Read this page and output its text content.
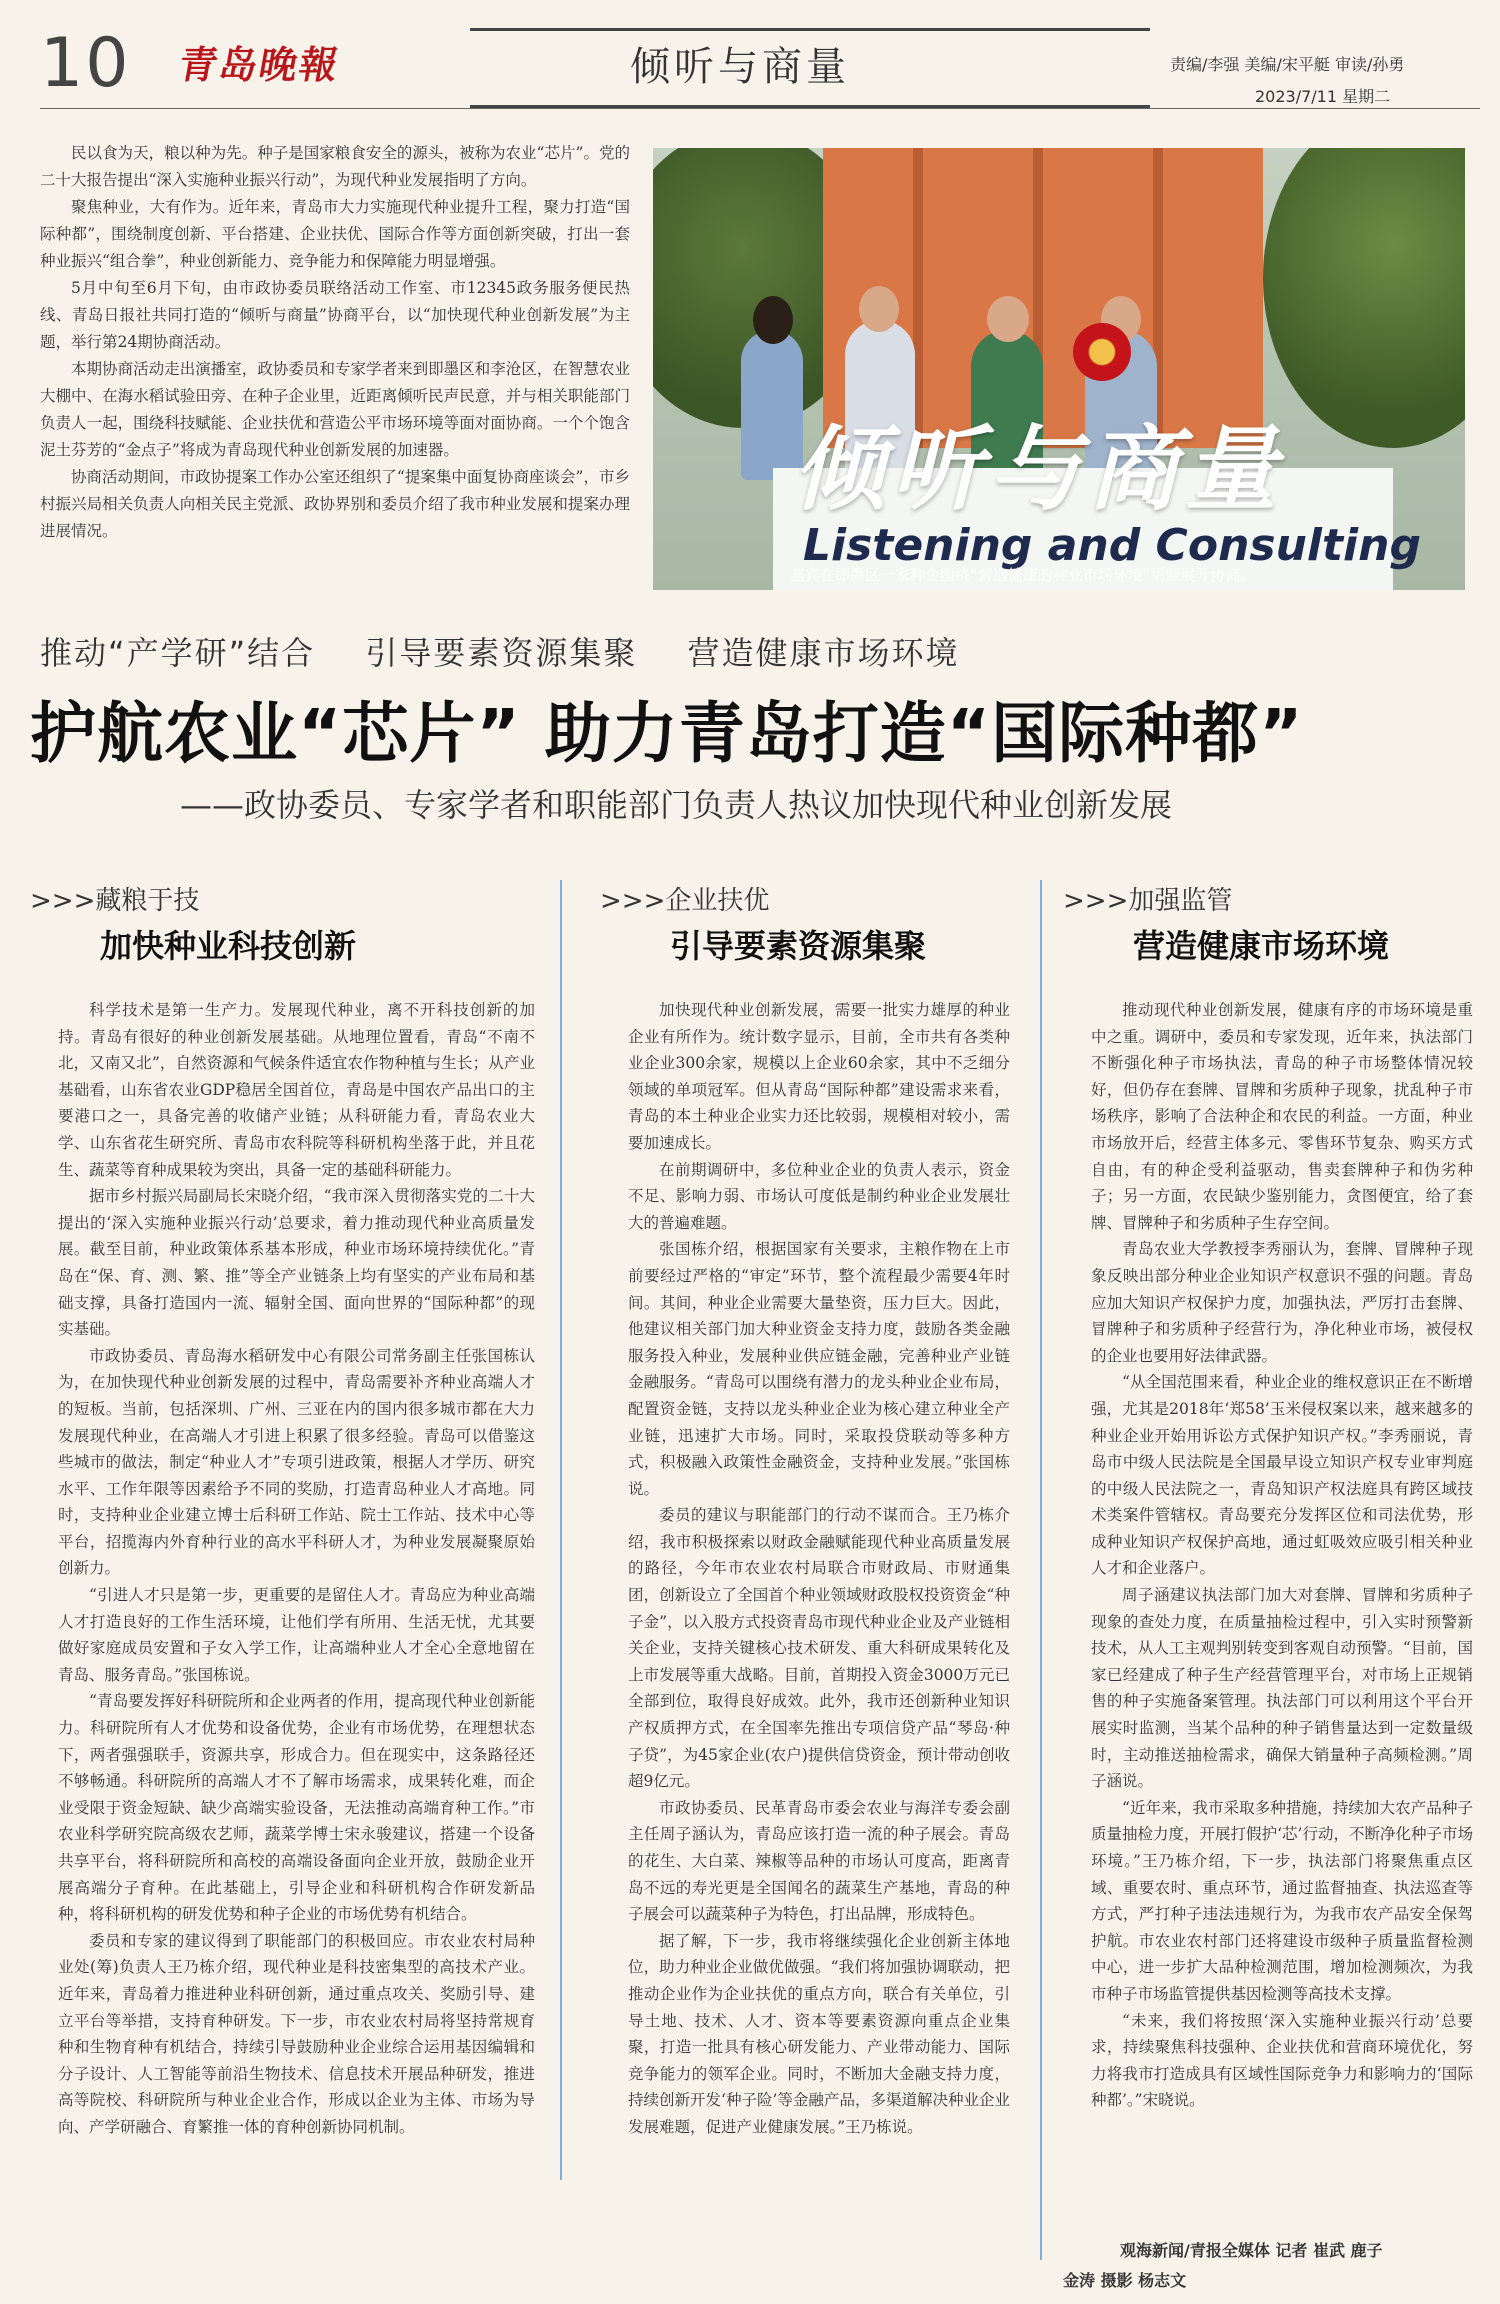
10 青岛晚報	倾听与商量	责编/李强 美编/宋平艇 审读/孙勇
2023/7/11 星期二

民以食为天，粮以种为先。种子是国家粮食安全的源头，被称为农业“芯片”。党的二十大报告提出“深入实施种业振兴行动”，为现代种业发展指明了方向。

聚焦种业，大有作为。近年来，青岛市大力实施现代种业提升工程，聚力打造“国际种都”，围绕制度创新、平台搭建、企业扶优、国际合作等方面创新突破，打出一套种业振兴“组合拳”，种业创新能力、竞争能力和保障能力明显增强。

5月中旬至6月下旬，由市政协委员联络活动工作室、市12345政务服务便民热线、青岛日报社共同打造的“倾听与商量”协商平台，以“加快现代种业创新发展”为主题，举行第24期协商活动。

本期协商活动走出演播室，政协委员和专家学者来到即墨区和李沧区，在智慧农业大棚中、在海水稻试验田旁、在种子企业里，近距离倾听民声民意，并与相关职能部门负责人一起，围绕科技赋能、企业扶优和营造公平市场环境等面对面协商。一个个饱含泥土芬芳的“金点子”将成为青岛现代种业创新发展的加速器。

协商活动期间，市政协提案工作办公室还组织了“提案集中面复协商座谈会”，市乡村振兴局相关负责人向相关民主党派、政协界别和委员介绍了我市种业发展和提案办理进展情况。

倾听与商量
Listening and Consulting
嘉宾在即墨区一家种企围绕“营造健康的种业市场环境”话题展开协商。
推动“产学研”结合 引导要素资源集聚 营造健康市场环境
护航农业“芯片” 助力青岛打造“国际种都”
——政协委员、专家学者和职能部门负责人热议加快现代种业创新发展
>>>藏粮于技
加快种业科技创新

科学技术是第一生产力。发展现代种业，离不开科技创新的加持。青岛有很好的种业创新发展基础。从地理位置看，青岛“不南不北，又南又北”，自然资源和气候条件适宜农作物种植与生长；从产业基础看，山东省农业GDP稳居全国首位，青岛是中国农产品出口的主要港口之一，具备完善的收储产业链；从科研能力看，青岛农业大学、山东省花生研究所、青岛市农科院等科研机构坐落于此，并且花生、蔬菜等育种成果较为突出，具备一定的基础科研能力。

据市乡村振兴局副局长宋晓介绍，“我市深入贯彻落实党的二十大提出的‘深入实施种业振兴行动’总要求，着力推动现代种业高质量发展。截至目前，种业政策体系基本形成，种业市场环境持续优化。”青岛在“保、育、测、繁、推”等全产业链条上均有坚实的产业布局和基础支撑，具备打造国内一流、辐射全国、面向世界的“国际种都”的现实基础。

市政协委员、青岛海水稻研发中心有限公司常务副主任张国栋认为，在加快现代种业创新发展的过程中，青岛需要补齐种业高端人才的短板。当前，包括深圳、广州、三亚在内的国内很多城市都在大力发展现代种业，在高端人才引进上积累了很多经验。青岛可以借鉴这些城市的做法，制定“种业人才”专项引进政策，根据人才学历、研究水平、工作年限等因素给予不同的奖励，打造青岛种业人才高地。同时，支持种业企业建立博士后科研工作站、院士工作站、技术中心等平台，招揽海内外育种行业的高水平科研人才，为种业发展凝聚原始创新力。

“引进人才只是第一步，更重要的是留住人才。青岛应为种业高端人才打造良好的工作生活环境，让他们学有所用、生活无忧，尤其要做好家庭成员安置和子女入学工作，让高端种业人才全心全意地留在青岛、服务青岛。”张国栋说。

“青岛要发挥好科研院所和企业两者的作用，提高现代种业创新能力。科研院所有人才优势和设备优势，企业有市场优势，在理想状态下，两者强强联手，资源共享，形成合力。但在现实中，这条路径还不够畅通。科研院所的高端人才不了解市场需求，成果转化难，而企业受限于资金短缺、缺少高端实验设备，无法推动高端育种工作。”市农业科学研究院高级农艺师，蔬菜学博士宋永骏建议，搭建一个设备共享平台，将科研院所和高校的高端设备面向企业开放，鼓励企业开展高端分子育种。在此基础上，引导企业和科研机构合作研发新品种，将科研机构的研发优势和种子企业的市场优势有机结合。

委员和专家的建议得到了职能部门的积极回应。市农业农村局种业处(筹)负责人王乃栋介绍，现代种业是科技密集型的高技术产业。近年来，青岛着力推进种业科研创新，通过重点攻关、奖励引导、建立平台等举措，支持育种研发。下一步，市农业农村局将坚持常规育种和生物育种有机结合，持续引导鼓励种业企业综合运用基因编辑和分子设计、人工智能等前沿生物技术、信息技术开展品种研发，推进高等院校、科研院所与种业企业合作，形成以企业为主体、市场为导向、产学研融合、育繁推一体的育种创新协同机制。

>>>企业扶优
引导要素资源集聚

加快现代种业创新发展，需要一批实力雄厚的种业企业有所作为。统计数字显示，目前，全市共有各类种业企业300余家，规模以上企业60余家，其中不乏细分领域的单项冠军。但从青岛“国际种都”建设需求来看，青岛的本土种业企业实力还比较弱，规模相对较小，需要加速成长。

在前期调研中，多位种业企业的负责人表示，资金不足、影响力弱、市场认可度低是制约种业企业发展壮大的普遍难题。

张国栋介绍，根据国家有关要求，主粮作物在上市前要经过严格的“审定”环节，整个流程最少需要4年时间。其间，种业企业需要大量垫资，压力巨大。因此，他建议相关部门加大种业资金支持力度，鼓励各类金融服务投入种业，发展种业供应链金融，完善种业产业链金融服务。“青岛可以围绕有潜力的龙头种业企业布局，配置资金链，支持以龙头种业企业为核心建立种业全产业链，迅速扩大市场。同时，采取投贷联动等多种方式，积极融入政策性金融资金，支持种业发展。”张国栋说。

委员的建议与职能部门的行动不谋而合。王乃栋介绍，我市积极探索以财政金融赋能现代种业高质量发展的路径，今年市农业农村局联合市财政局、市财通集团，创新设立了全国首个种业领域财政股权投资资金“种子金”，以入股方式投资青岛市现代种业企业及产业链相关企业，支持关键核心技术研发、重大科研成果转化及上市发展等重大战略。目前，首期投入资金3000万元已全部到位，取得良好成效。此外，我市还创新种业知识产权质押方式，在全国率先推出专项信贷产品“琴岛·种子贷”，为45家企业(农户)提供信贷资金，预计带动创收超9亿元。

市政协委员、民革青岛市委会农业与海洋专委会副主任周子涵认为，青岛应该打造一流的种子展会。青岛的花生、大白菜、辣椒等品种的市场认可度高，距离青岛不远的寿光更是全国闻名的蔬菜生产基地，青岛的种子展会可以蔬菜种子为特色，打出品牌，形成特色。

据了解，下一步，我市将继续强化企业创新主体地位，助力种业企业做优做强。“我们将加强协调联动，把推动企业作为企业扶优的重点方向，联合有关单位，引导土地、技术、人才、资本等要素资源向重点企业集聚，打造一批具有核心研发能力、产业带动能力、国际竞争能力的领军企业。同时，不断加大金融支持力度，持续创新开发‘种子险’等金融产品，多渠道解决种业企业发展难题，促进产业健康发展。”王乃栋说。

>>>加强监管
营造健康市场环境

推动现代种业创新发展，健康有序的市场环境是重中之重。调研中，委员和专家发现，近年来，执法部门不断强化种子市场执法，青岛的种子市场整体情况较好，但仍存在套牌、冒牌和劣质种子现象，扰乱种子市场秩序，影响了合法种企和农民的利益。一方面，种业市场放开后，经营主体多元、零售环节复杂、购买方式自由，有的种企受利益驱动，售卖套牌种子和伪劣种子；另一方面，农民缺少鉴别能力，贪图便宜，给了套牌、冒牌种子和劣质种子生存空间。

青岛农业大学教授李秀丽认为，套牌、冒牌种子现象反映出部分种业企业知识产权意识不强的问题。青岛应加大知识产权保护力度，加强执法，严厉打击套牌、冒牌种子和劣质种子经营行为，净化种业市场，被侵权的企业也要用好法律武器。

“从全国范围来看，种业企业的维权意识正在不断增强，尤其是2018年‘郑58’玉米侵权案以来，越来越多的种业企业开始用诉讼方式保护知识产权。”李秀丽说，青岛市中级人民法院是全国最早设立知识产权专业审判庭的中级人民法院之一，青岛知识产权法庭具有跨区域技术类案件管辖权。青岛要充分发挥区位和司法优势，形成种业知识产权保护高地，通过虹吸效应吸引相关种业人才和企业落户。

周子涵建议执法部门加大对套牌、冒牌和劣质种子现象的查处力度，在质量抽检过程中，引入实时预警新技术，从人工主观判别转变到客观自动预警。“目前，国家已经建成了种子生产经营管理平台，对市场上正规销售的种子实施备案管理。执法部门可以利用这个平台开展实时监测，当某个品种的种子销售量达到一定数量级时，主动推送抽检需求，确保大销量种子高频检测。”周子涵说。

“近年来，我市采取多种措施，持续加大农产品种子质量抽检力度，开展打假护‘芯’行动，不断净化种子市场环境。”王乃栋介绍，下一步，执法部门将聚焦重点区域、重要农时、重点环节，通过监督抽查、执法巡查等方式，严打种子违法违规行为，为我市农产品安全保驾护航。市农业农村部门还将建设市级种子质量监督检测中心，进一步扩大品种检测范围，增加检测频次，为我市种子市场监管提供基因检测等高技术支撑。

“未来，我们将按照‘深入实施种业振兴行动’总要求，持续聚焦科技强种、企业扶优和营商环境优化，努力将我市打造成具有区域性国际竞争力和影响力的‘国际种都’。”宋晓说。

观海新闻/青报全媒体 记者 崔武 鹿子
金涛 摄影 杨志文
